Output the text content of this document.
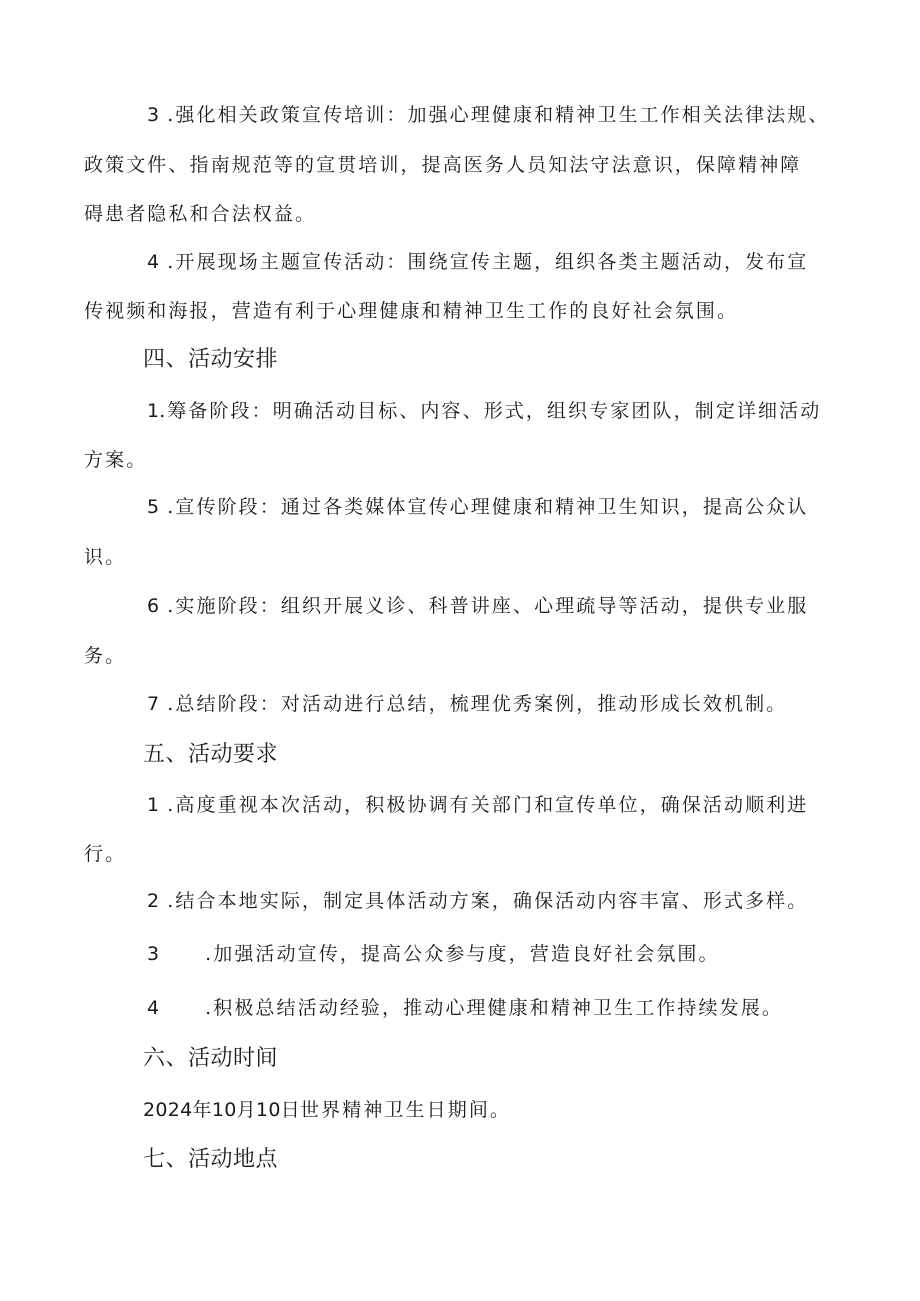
3 .强化相关政策宣传培训：加强心理健康和精神卫生工作相关法律法规、
政策文件、指南规范等的宣贯培训，提高医务人员知法守法意识，保障精神障
碍患者隐私和合法权益。
4 .开展现场主题宣传活动：围绕宣传主题，组织各类主题活动，发布宣
传视频和海报，营造有利于心理健康和精神卫生工作的良好社会氛围。
四、活动安排
1.筹备阶段：明确活动目标、内容、形式，组织专家团队，制定详细活动
方案。
5 .宣传阶段：通过各类媒体宣传心理健康和精神卫生知识，提高公众认
识。
6 .实施阶段：组织开展义诊、科普讲座、心理疏导等活动，提供专业服
务。
7 .总结阶段：对活动进行总结，梳理优秀案例，推动形成长效机制。
五、活动要求
1 .高度重视本次活动，积极协调有关部门和宣传单位，确保活动顺利进
行。
2 .结合本地实际，制定具体活动方案，确保活动内容丰富、形式多样。
3 .加强活动宣传，提高公众参与度，营造良好社会氛围。
4 .积极总结活动经验，推动心理健康和精神卫生工作持续发展。
六、活动时间
2024年10月10日世界精神卫生日期间。
七、活动地点
